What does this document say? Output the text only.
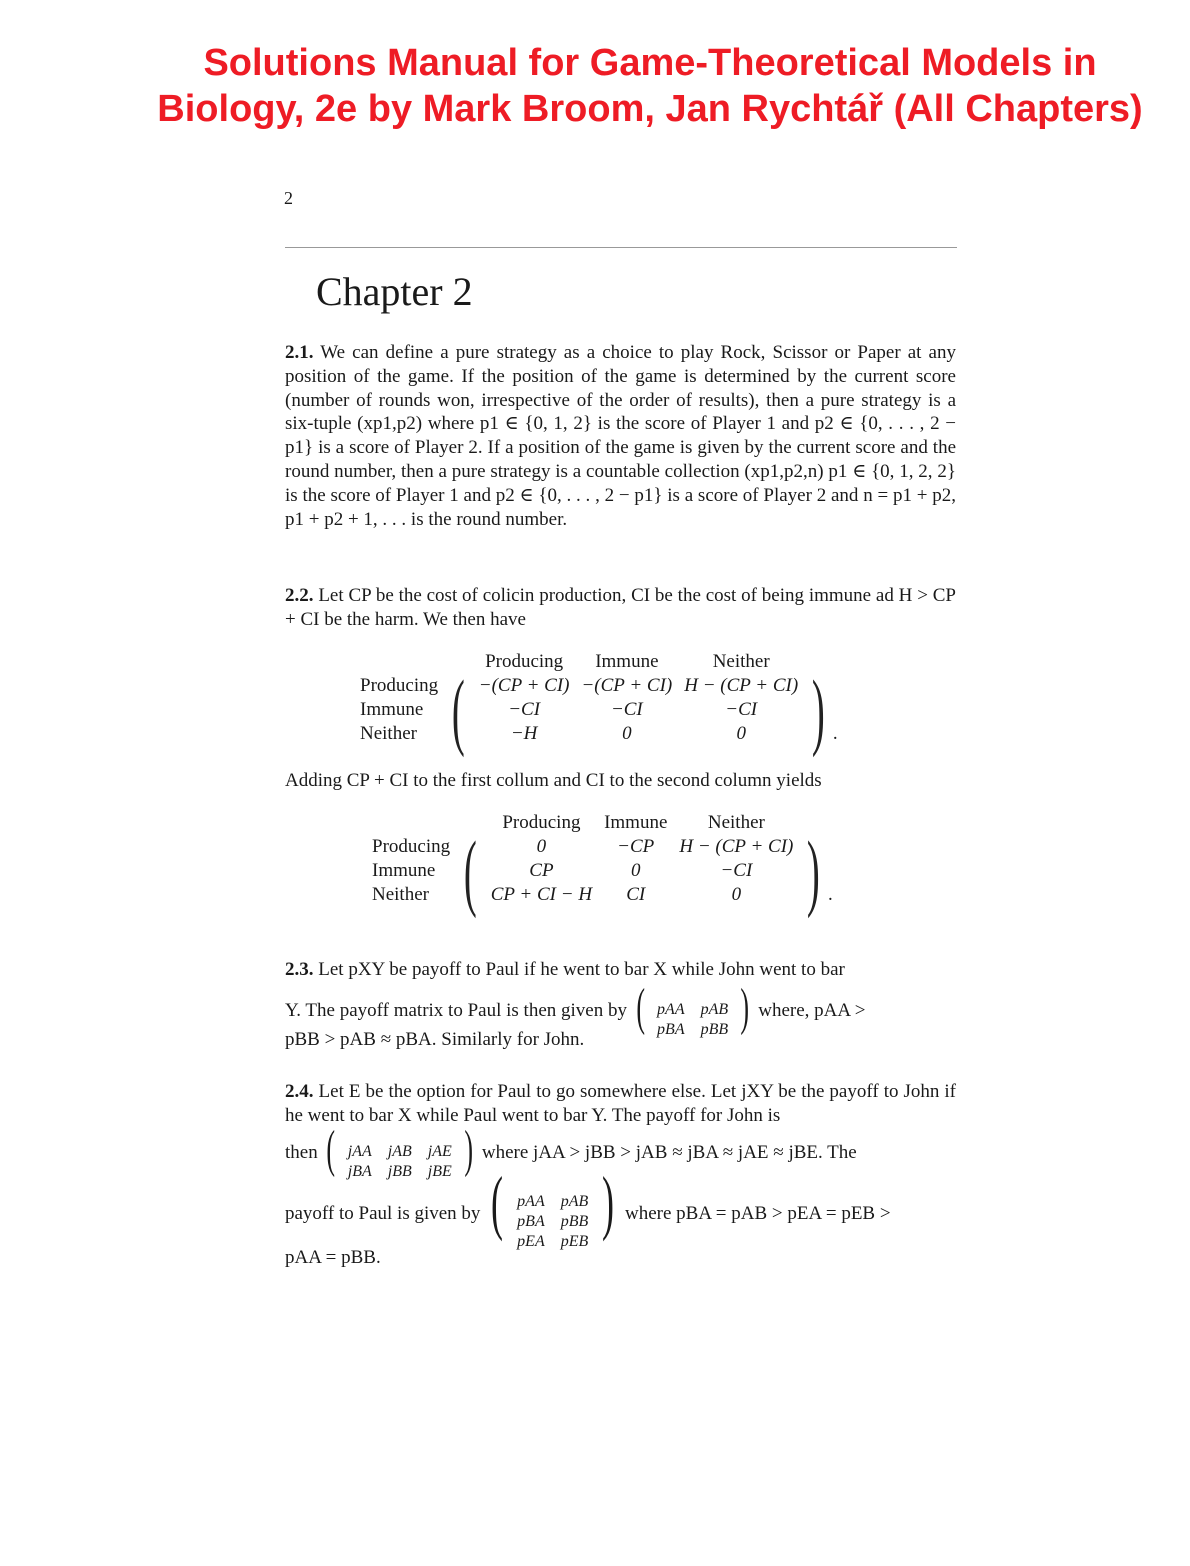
Solutions Manual for Game-Theoretical Models in Biology, 2e by Mark Broom, Jan Rychtář (All Chapters)
2
Chapter 2
2.1. We can define a pure strategy as a choice to play Rock, Scissor or Paper at any position of the game. If the position of the game is determined by the current score (number of rounds won, irrespective of the order of results), then a pure strategy is a six-tuple (xp1,p2) where p1 ∈ {0, 1, 2} is the score of Player 1 and p2 ∈ {0, . . . , 2 − p1} is a score of Player 2. If a position of the game is given by the current score and the round number, then a pure strategy is a countable collection (xp1,p2,n) p1 ∈ {0, 1, 2, 2} is the score of Player 1 and p2 ∈ {0, . . . , 2 − p1} is a score of Player 2 and n = p1 + p2, p1 + p2 + 1, . . . is the round number.
2.2. Let CP be the cost of colicin production, CI be the cost of being immune ad H > CP + CI be the harm. We then have
		Producing	Immune	Neither	
Producing	(	−(CP + CI)	−(CP + CI)	H − (CP + CI)	) .
Immune		−CI	−CI	−CI	
Neither		−H	0	0	
Adding CP + CI to the first collum and CI to the second column yields
		Producing	Immune	Neither	
Producing	(	0	−CP	H − (CP + CI)	) .
Immune		CP	0	−CI	
Neither		CP + CI − H	CI	0	
2.3. Let pXY be payoff to Paul if he went to bar X while John went to bar
Y. The payoff matrix to Paul is then given by ( pAA	pAB
pBA	pBB ) where, pAA >
pBB > pAB ≈ pBA. Similarly for John.
2.4. Let E be the option for Paul to go somewhere else. Let jXY be the payoff to John if he went to bar X while Paul went to bar Y. The payoff for John is
then ( jAA	jAB	jAE
jBA	jBB	jBE ) where jAA > jBB > jAB ≈ jBA ≈ jAE ≈ jBE. The
payoff to Paul is given by ( pAA	pAB
pBA	pBB
pEA	pEB ) where pBA = pAB > pEA = pEB >
pAA = pBB.
